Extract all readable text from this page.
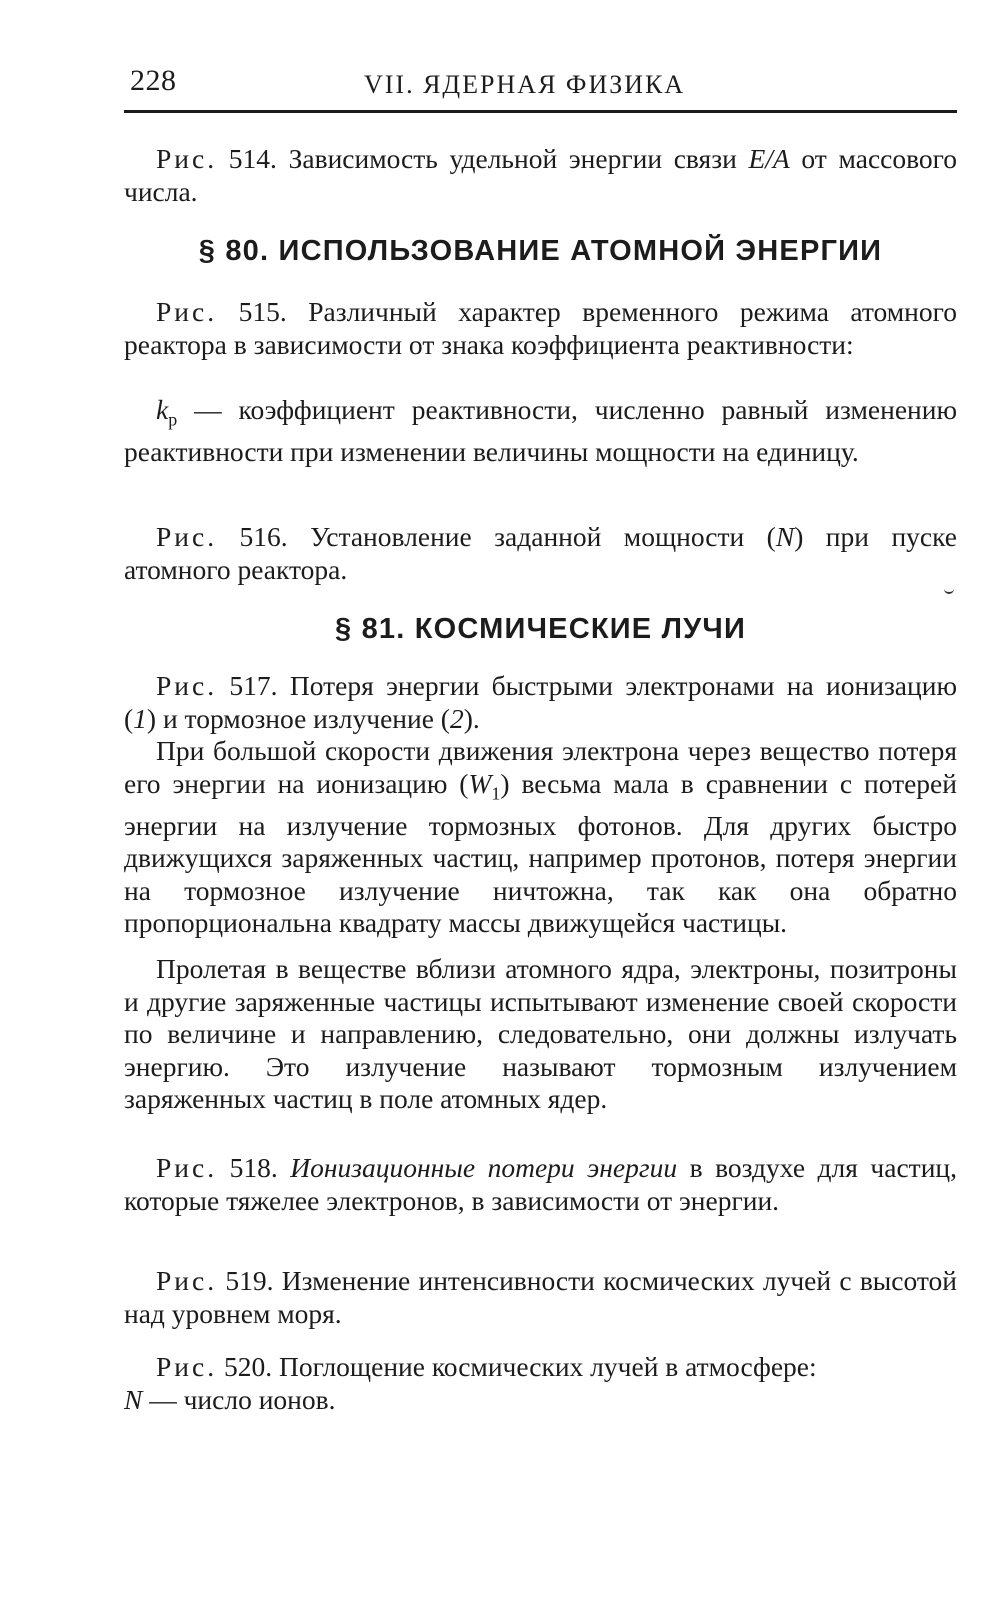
228	VII. ЯДЕРНАЯ ФИЗИКА

Рис. 514. Зависимость удельной энергии связи E/A от массового числа.

§ 80. ИСПОЛЬЗОВАНИЕ АТОМНОЙ ЭНЕРГИИ

Рис. 515. Различный характер временного режима атомного реактора в зависимости от знака коэффициента реактивности:

$k_р$ — коэффициент реактивности, численно равный изменению реактивности при изменении величины мощности на единицу.

Рис. 516. Установление заданной мощности (N) при пуске атомного реактора.

§ 81. КОСМИЧЕСКИЕ ЛУЧИ

Рис. 517. Потеря энергии быстрыми электронами на ионизацию (1) и тормозное излучение (2).

При большой скорости движения электрона через вещество потеря его энергии на ионизацию $(W_1)$ весьма мала в сравнении с потерей энергии на излучение тормозных фотонов. Для других быстро движущихся заряженных частиц, например протонов, потеря энергии на тормозное излучение ничтожна, так как она обратно пропорциональна квадрату массы движущейся частицы.

Пролетая в веществе вблизи атомного ядра, электроны, позитроны и другие заряженные частицы испытывают изменение своей скорости по величине и направлению, следовательно, они должны излучать энергию. Это излучение называют тормозным излучением заряженных частиц в поле атомных ядер.

Рис. 518. Ионизационные потери энергии в воздухе для частиц, которые тяжелее электронов, в зависимости от энергии.

Рис. 519. Изменение интенсивности космических лучей с высотой над уровнем моря.

Рис. 520. Поглощение космических лучей в атмосфере:

N — число ионов.
